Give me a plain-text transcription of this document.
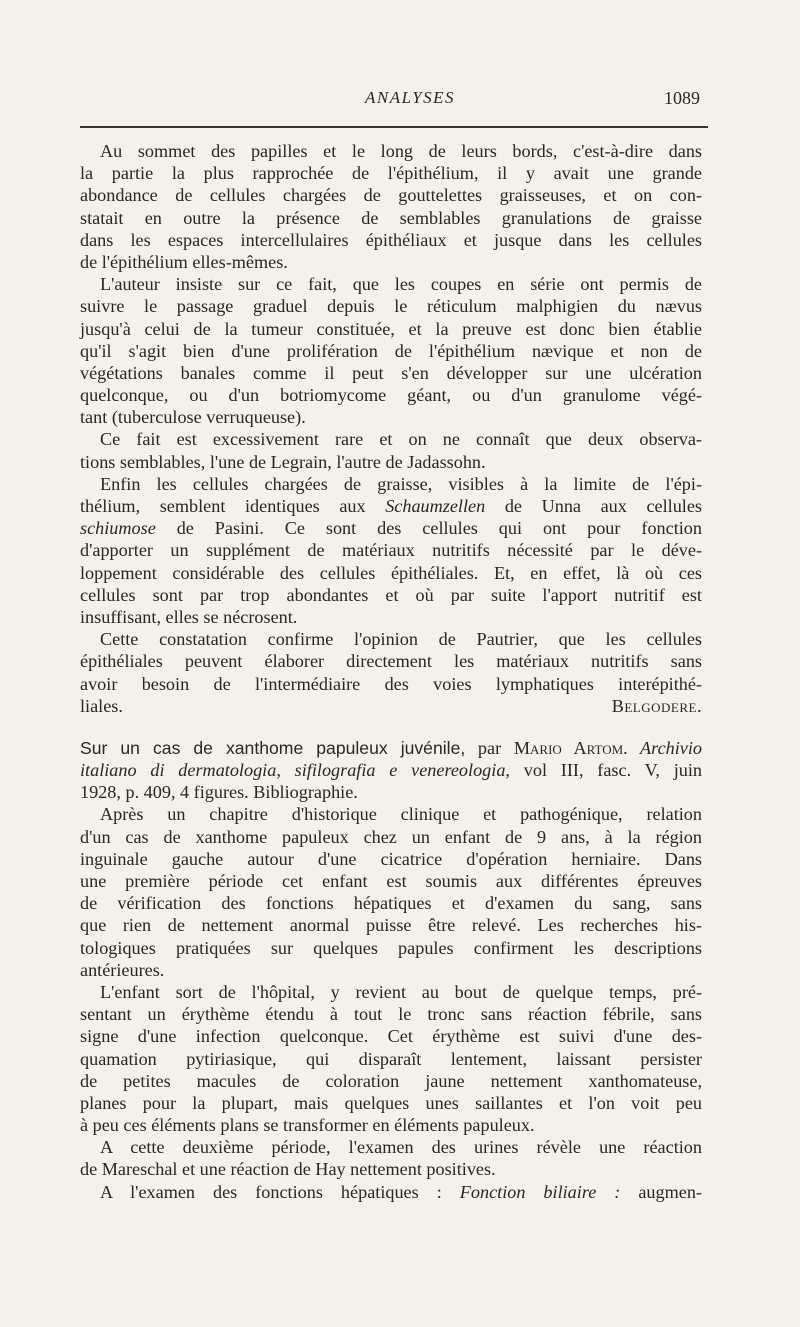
ANALYSES	1089
Au sommet des papilles et le long de leurs bords, c'est-à-dire dans
la partie la plus rapprochée de l'épithélium, il y avait une grande
abondance de cellules chargées de gouttelettes graisseuses, et on con-
statait en outre la présence de semblables granulations de graisse
dans les espaces intercellulaires épithéliaux et jusque dans les cellules
de l'épithélium elles-mêmes.
L'auteur insiste sur ce fait, que les coupes en série ont permis de
suivre le passage graduel depuis le réticulum malphigien du nævus
jusqu'à celui de la tumeur constituée, et la preuve est donc bien établie
qu'il s'agit bien d'une prolifération de l'épithélium nævique et non de
végétations banales comme il peut s'en développer sur une ulcération
quelconque, ou d'un botriomycome géant, ou d'un granulome végé-
tant (tuberculose verruqueuse).
Ce fait est excessivement rare et on ne connaît que deux observa-
tions semblables, l'une de Legrain, l'autre de Jadassohn.
Enfin les cellules chargées de graisse, visibles à la limite de l'épi-
thélium, semblent identiques aux Schaumzellen de Unna aux cellules
schiumose de Pasini. Ce sont des cellules qui ont pour fonction
d'apporter un supplément de matériaux nutritifs nécessité par le déve-
loppement considérable des cellules épithéliales. Et, en effet, là où ces
cellules sont par trop abondantes et où par suite l'apport nutritif est
insuffisant, elles se nécrosent.
Cette constatation confirme l'opinion de Pautrier, que les cellules
épithéliales peuvent élaborer directement les matériaux nutritifs sans
avoir besoin de l'intermédiaire des voies lymphatiques interépithé-
liales.	Belgodere.
Sur un cas de xanthome papuleux juvénile, par Mario Artom. Archivio
italiano di dermatologia, sifilografia e venereologia, vol III, fasc. V, juin
1928, p. 409, 4 figures. Bibliographie.
Après un chapitre d'historique clinique et pathogénique, relation
d'un cas de xanthome papuleux chez un enfant de 9 ans, à la région
inguinale gauche autour d'une cicatrice d'opération herniaire. Dans
une première période cet enfant est soumis aux différentes épreuves
de vérification des fonctions hépatiques et d'examen du sang, sans
que rien de nettement anormal puisse être relevé. Les recherches his-
tologiques pratiquées sur quelques papules confirment les descriptions
antérieures.
L'enfant sort de l'hôpital, y revient au bout de quelque temps, pré-
sentant un érythème étendu à tout le tronc sans réaction fébrile, sans
signe d'une infection quelconque. Cet érythème est suivi d'une des-
quamation pytiriasique, qui disparaît lentement, laissant persister
de petites macules de coloration jaune nettement xanthomateuse,
planes pour la plupart, mais quelques unes saillantes et l'on voit peu
à peu ces éléments plans se transformer en éléments papuleux.
A cette deuxième période, l'examen des urines révèle une réaction
de Mareschal et une réaction de Hay nettement positives.
A l'examen des fonctions hépatiques : Fonction biliaire : augmen-
